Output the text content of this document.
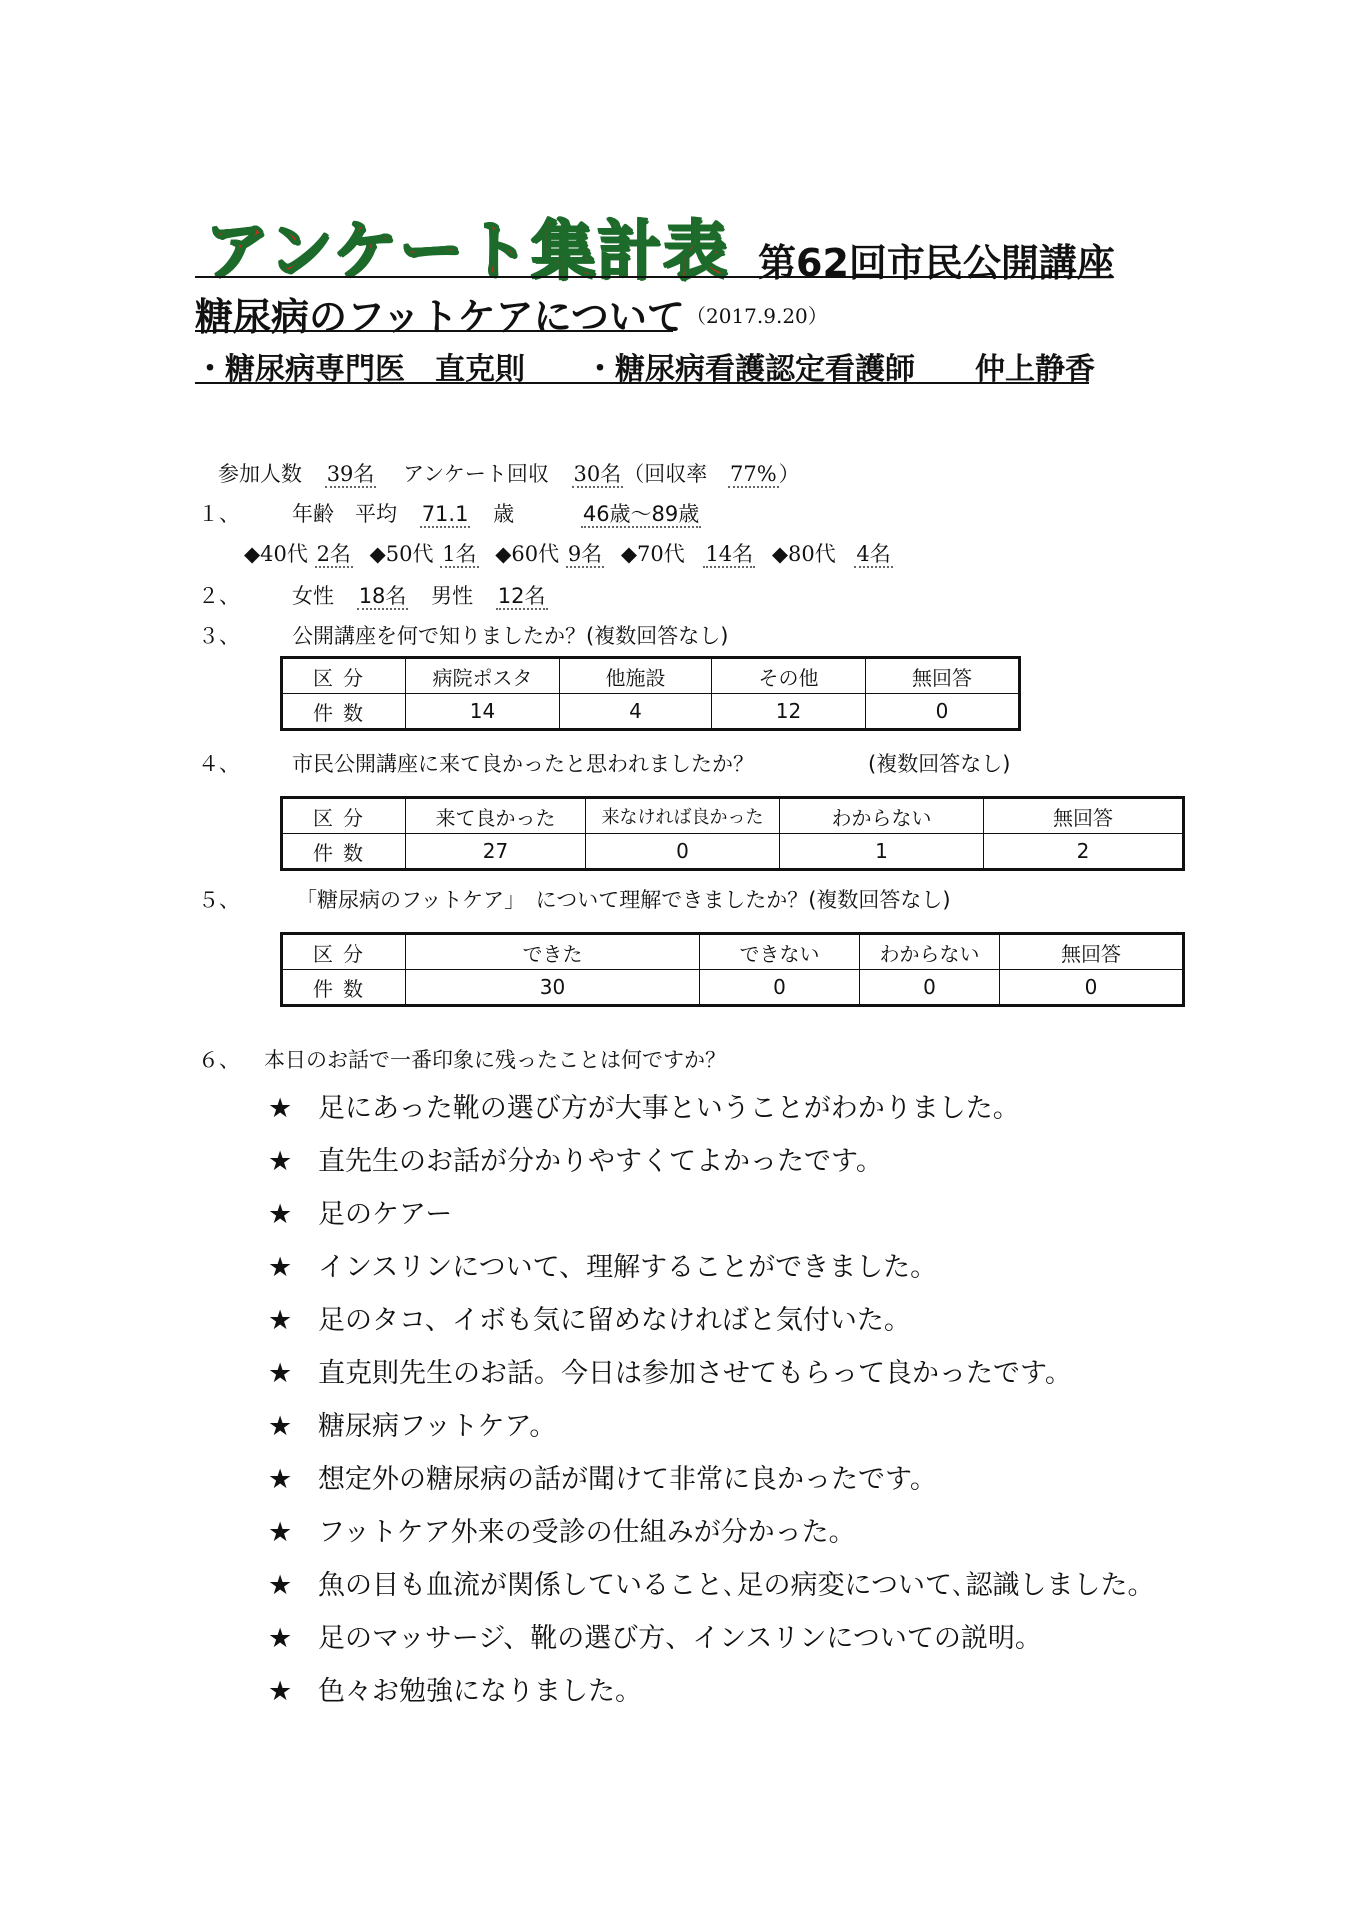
アンケート集計表 第62回市民公開講座
糖尿病のフットケアについて （2017.9.20）
・糖尿病専門医　直克則 ・糖尿病看護認定看護師　　仲上静香
参加人数 39名 アンケート回収 30名（回収率 77%）
１、 年齢　平均 71.1 歳	46歳～89歳
◆40代 2名 ◆50代 1名 ◆60代 9名 ◆70代 14名 ◆80代 4名
２、 女性 18名 男性 12名
３、 公開講座を何で知りましたか？(複数回答なし)
区分	病院ポスタ	他施設	その他	無回答
件数	14	4	12	0
４、 市民公開講座に来て良かったと思われましたか？	(複数回答なし)
区分	来て良かった	来なければ良かった	わからない	無回答
件数	27	0	1	2
５、	「糖尿病のフットケア」　について理解できましたか？(複数回答なし)
区分	できた	できない	わからない	無回答
件数	30	0	0	0
６、 本日のお話で一番印象に残ったことは何ですか？
★ 足にあった靴の選び方が大事ということがわかりました。
★ 直先生のお話が分かりやすくてよかったです。
★ 足のケアー
★ インスリンについて、理解することができました。
★ 足のタコ、イボも気に留めなければと気付いた。
★ 直克則先生のお話。今日は参加させてもらって良かったです。
★ 糖尿病フットケア。
★ 想定外の糖尿病の話が聞けて非常に良かったです。
★ フットケア外来の受診の仕組みが分かった。
★ 魚の目も血流が関係していること､足の病変について､認識しました。
★ 足のマッサージ、靴の選び方、インスリンについての説明。
★ 色々お勉強になりました。
